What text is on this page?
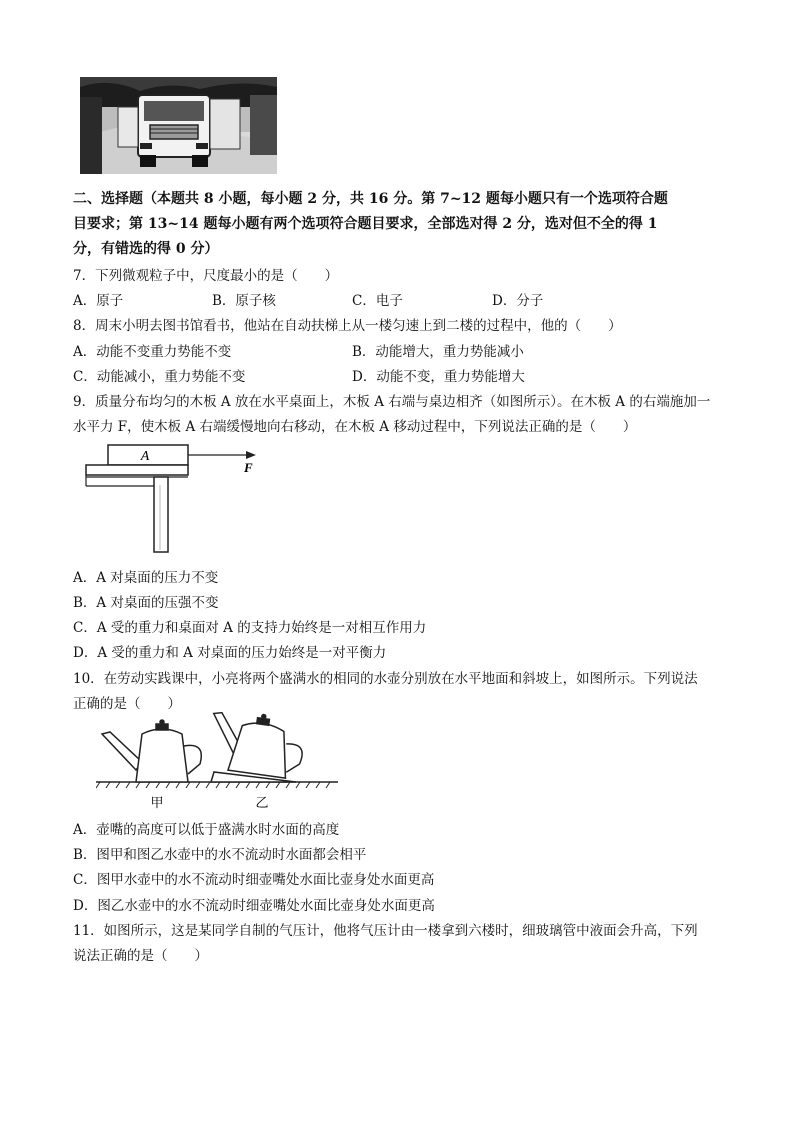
二、选择题（本题共 8 小题，每小题 2 分，共 16 分。第 7~12 题每小题只有一个选项符合题
目要求；第 13~14 题每小题有两个选项符合题目要求，全部选对得 2 分，选对但不全的得 1
分，有错选的得 0 分）
7．下列微观粒子中，尺度最小的是（　　）
A．原子	B．原子核	C．电子	D．分子
8．周末小明去图书馆看书，他站在自动扶梯上从一楼匀速上到二楼的过程中，他的（　　）
A．动能不变重力势能不变	B．动能增大，重力势能减小
C．动能减小，重力势能不变	D．动能不变，重力势能增大
9．质量分布均匀的木板 A 放在水平桌面上，木板 A 右端与桌边相齐（如图所示）。在木板 A 的右端施加一
水平力 F，使木板 A 右端缓慢地向右移动，在木板 A 移动过程中，下列说法正确的是（　　）
A
F
A．A 对桌面的压力不变
B．A 对桌面的压强不变
C．A 受的重力和桌面对 A 的支持力始终是一对相互作用力
D．A 受的重力和 A 对桌面的压力始终是一对平衡力
10．在劳动实践课中，小亮将两个盛满水的相同的水壶分别放在水平地面和斜坡上，如图所示。下列说法
正确的是（　　）
甲	乙
A．壶嘴的高度可以低于盛满水时水面的高度
B．图甲和图乙水壶中的水不流动时水面都会相平
C．图甲水壶中的水不流动时细壶嘴处水面比壶身处水面更高
D．图乙水壶中的水不流动时细壶嘴处水面比壶身处水面更高
11．如图所示，这是某同学自制的气压计，他将气压计由一楼拿到六楼时，细玻璃管中液面会升高，下列
说法正确的是（　　）
